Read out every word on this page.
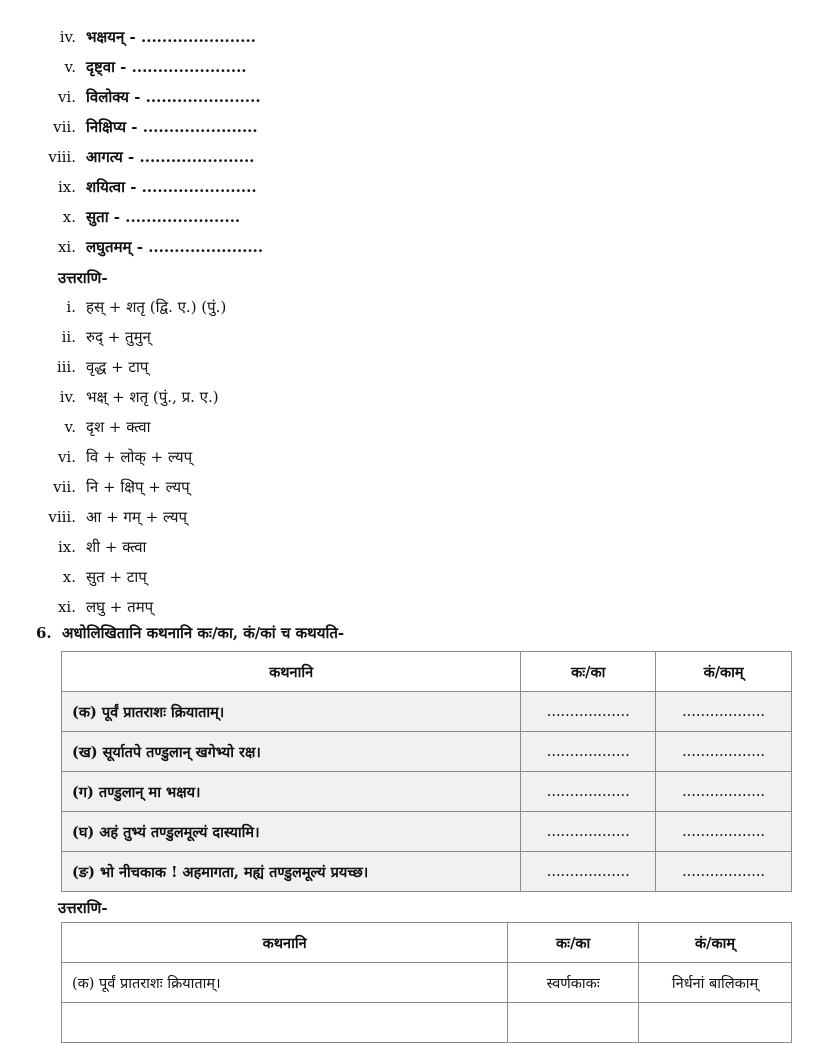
iv. भक्षयन् - ......................
v. दृष्ट्वा - ......................
vi. विलोक्य - ......................
vii. निक्षिप्य - ......................
viii. आगत्य - ......................
ix. शयित्वा - ......................
x. सुता - ......................
xi. लघुतमम् - ......................
उत्तराणि-
i. हस् + शतृ (द्वि. ए.) (पुं.)
ii. रुद् + तुमुन्
iii. वृद्ध + टाप्
iv. भक्ष् + शतृ (पुं., प्र. ए.)
v. दृश + क्त्वा
vi. वि + लोक् + ल्यप्
vii. नि + क्षिप् + ल्यप्
viii. आ + गम् + ल्यप्
ix. शी + क्त्वा
x. सुत + टाप्
xi. लघु + तमप्
6. अधोलिखितानि कथनानि कः/का, कं/कां च कथयति-
कथनानि	कः/का	कं/काम्
(क) पूर्वं प्रातराशः क्रियाताम्।	..................	..................
(ख) सूर्यातपे तण्डुलान् खगेभ्यो रक्ष।	..................	..................
(ग) तण्डुलान् मा भक्षय।	..................	..................
(घ) अहं तुभ्यं तण्डुलमूल्यं दास्यामि।	..................	..................
(ङ) भो नीचकाक ! अहमागता, मह्यं तण्डुलमूल्यं प्रयच्छ।	..................	..................
उत्तराणि-
कथनानि	कः/का	कं/काम्
(क) पूर्वं प्रातराशः क्रियाताम्।	स्वर्णकाकः	निर्धनां बालिकाम्
